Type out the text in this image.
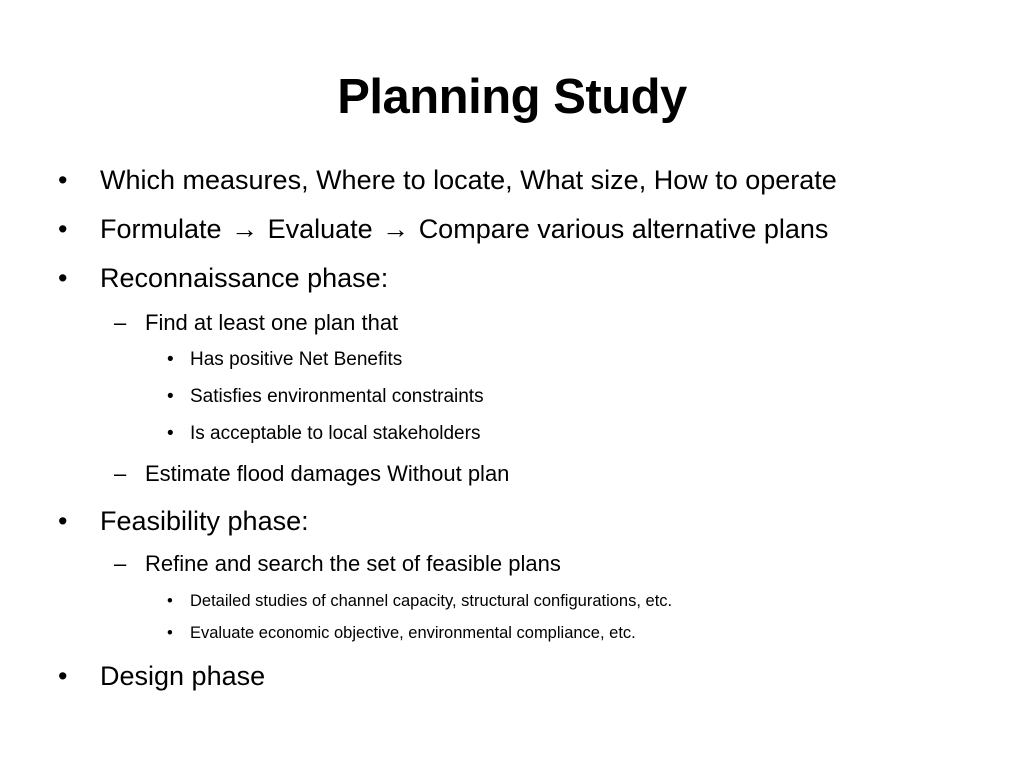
Planning Study
• Which measures, Where to locate, What size, How to operate
• Formulate → Evaluate → Compare various alternative plans
• Reconnaissance phase:
– Find at least one plan that
• Has positive Net Benefits
• Satisfies environmental constraints
• Is acceptable to local stakeholders
– Estimate flood damages Without plan
• Feasibility phase:
– Refine and search the set of feasible plans
• Detailed studies of channel capacity, structural configurations, etc.
• Evaluate economic objective, environmental compliance, etc.
• Design phase
